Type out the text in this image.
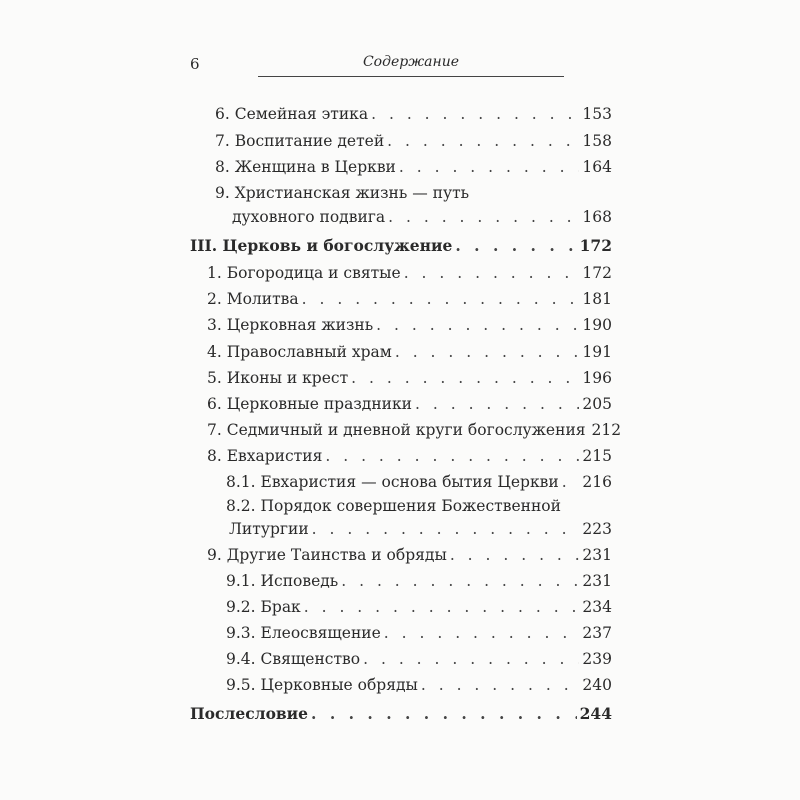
6	Содержание
6. Семейная этика . . .	153
7. Воспитание детей . . .	158
8. Женщина в Церкви . . .	164
9. Христианская жизнь — путь
духовного подвига . . .	168
III. Церковь и богослужение . . .	172
1. Богородица и святые . . .	172
2. Молитва . . .	181
3. Церковная жизнь . . .	190
4. Православный храм . . .	191
5. Иконы и крест . . .	196
6. Церковные праздники . . .	205
7. Седмичный и дневной круги богослужения 212
8. Евхаристия . . .	215
8.1. Евхаристия — основа бытия Церкви . . . 216
8.2. Порядок совершения Божественной
Литургии . . .	223
9. Другие Таинства и обряды . . .	231
9.1. Исповедь . . .	231
9.2. Брак . . .	234
9.3. Елеосвящение . . .	237
9.4. Священство . . .	239
9.5. Церковные обряды . . .	240
Послесловие . . .	244
